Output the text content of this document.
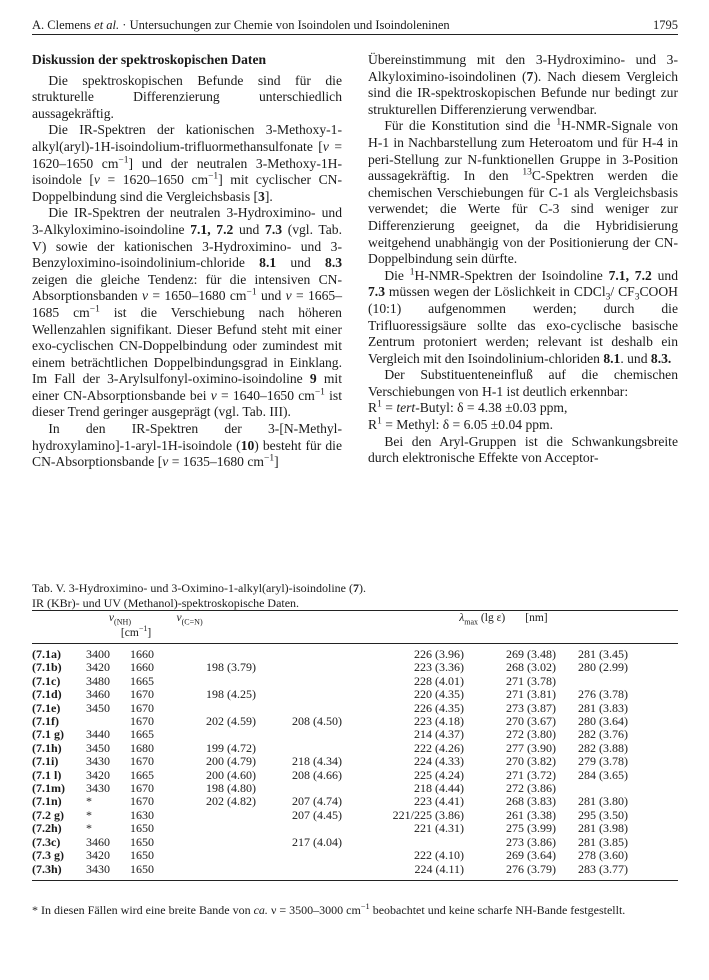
A. Clemens et al. · Untersuchungen zur Chemie von Isoindolen und Isoindoleninen	1795
Diskussion der spektroskopischen Daten

Die spektroskopischen Befunde sind für die strukturelle Differenzierung unterschiedlich aussagekräftig.

Die IR-Spektren der kationischen 3-Methoxy-1-alkyl(aryl)-1H-isoindolium-trifluormethansulfonate [ν = 1620–1650 $cm^{-1}$] und der neutralen 3-Methoxy-1H-isoindole [ν = 1620–1650 $cm^{-1}$] mit cyclischer CN-Doppelbindung sind die Vergleichsbasis [3].

Die IR-Spektren der neutralen 3-Hydroximino- und 3-Alkyloximino-isoindoline 7.1, 7.2 und 7.3 (vgl. Tab. V) sowie der kationischen 3-Hydroximino- und 3-Benzyloximino-isoindolinium-chloride 8.1 und 8.3 zeigen die gleiche Tendenz: für die intensiven CN-Absorptionsbanden ν = 1650–1680 $cm^{-1}$ und ν = 1665–1685 $cm^{-1}$ ist die Verschiebung nach höheren Wellenzahlen signifikant. Dieser Befund steht mit einer exo-cyclischen CN-Doppelbindung oder zumindest mit einem beträchtlichen Doppelbindungsgrad in Einklang. Im Fall der 3-Arylsulfonyl-oximino-isoindoline 9 mit einer CN-Absorptionsbande bei ν = 1640–1650 $cm^{-1}$ ist dieser Trend geringer ausgeprägt (vgl. Tab. III).

In den IR-Spektren der 3-[N-Methyl-hydroxylamino]-1-aryl-1H-isoindole (10) besteht für die CN-Absorptionsbande [ν = 1635–1680 $cm^{-1}$]

Übereinstimmung mit den 3-Hydroximino- und 3-Alkyloximino-isoindolinen (7). Nach diesem Vergleich sind die IR-spektroskopischen Befunde nur bedingt zur strukturellen Differenzierung verwendbar.

Für die Konstitution sind die $^1$H-NMR-Signale von H-1 in Nachbarstellung zum Heteroatom und für H-4 in peri-Stellung zur N-funktionellen Gruppe in 3-Position aussagekräftig. In den $^{13}$C-Spektren werden die chemischen Verschiebungen für C-1 als Vergleichsbasis verwendet; die Werte für C-3 sind weniger zur Differenzierung geeignet, da die Hybridisierung weitgehend unabhängig von der Positionierung der CN-Doppelbindung sein dürfte.

Die $^1$H-NMR-Spektren der Isoindoline 7.1, 7.2 und 7.3 müssen wegen der Löslichkeit in CDCl$_3$/ $CF_3COOH$ (10:1) aufgenommen werden; durch die Trifluoressigsäure sollte das exo-cyclische basische Zentrum protoniert werden; relevant ist deshalb ein Vergleich mit den Isoindolinium-chloriden 8.1. und 8.3.

Der Substituenteneinfluß auf die chemischen Verschiebungen von H-1 ist deutlich erkennbar:

$R^1$ = tert-Butyl: δ = 4.38 ±0.03 ppm,

$R^1$ = Methyl: δ = 6.05 ±0.04 ppm.

Bei den Aryl-Gruppen ist die Schwankungsbreite durch elektronische Effekte von Acceptor-

Tab. V. 3-Hydroximino- und 3-Oximino-1-alkyl(aryl)-isoindoline (7).
IR (KBr)- und UV (Methanol)-spektroskopische Daten.
	$\nu_{(NH)}$	$\nu_{(C=N)}$			$\lambda_{max}$ (lg ε)	[nm]	
	$[cm^{-1}]$						
(7.1a)	3400	1660			226 (3.96)	269 (3.48)	281 (3.45)
(7.1b)	3420	1660	198 (3.79)		223 (3.36)	268 (3.02)	280 (2.99)
(7.1c)	3480	1665			228 (4.01)	271 (3.78)	
(7.1d)	3460	1670	198 (4.25)		220 (4.35)	271 (3.81)	276 (3.78)
(7.1e)	3450	1670			226 (4.35)	273 (3.87)	281 (3.83)
(7.1f)		1670	202 (4.59)	208 (4.50)	223 (4.18)	270 (3.67)	280 (3.64)
(7.1 g)	3440	1665			214 (4.37)	272 (3.80)	282 (3.76)
(7.1h)	3450	1680	199 (4.72)		222 (4.26)	277 (3.90)	282 (3.88)
(7.1i)	3430	1670	200 (4.79)	218 (4.34)	224 (4.33)	270 (3.82)	279 (3.78)
(7.1 l)	3420	1665	200 (4.60)	208 (4.66)	225 (4.24)	271 (3.72)	284 (3.65)
(7.1m)	3430	1670	198 (4.80)		218 (4.44)	272 (3.86)	
(7.1n)	*	1670	202 (4.82)	207 (4.74)	223 (4.41)	268 (3.83)	281 (3.80)
(7.2 g)	*	1630		207 (4.45)	221/225 (3.86)	261 (3.38)	295 (3.50)
(7.2h)	*	1650			221 (4.31)	275 (3.99)	281 (3.98)
(7.3c)	3460	1650		217 (4.04)		273 (3.86)	281 (3.85)
(7.3 g)	3420	1650			222 (4.10)	269 (3.64)	278 (3.60)
(7.3h)	3430	1650			224 (4.11)	276 (3.79)	283 (3.77)
* In diesen Fällen wird eine breite Bande von ca. ν = 3500–3000 $cm^{-1}$ beobachtet und keine scharfe NH-Bande festgestellt.
